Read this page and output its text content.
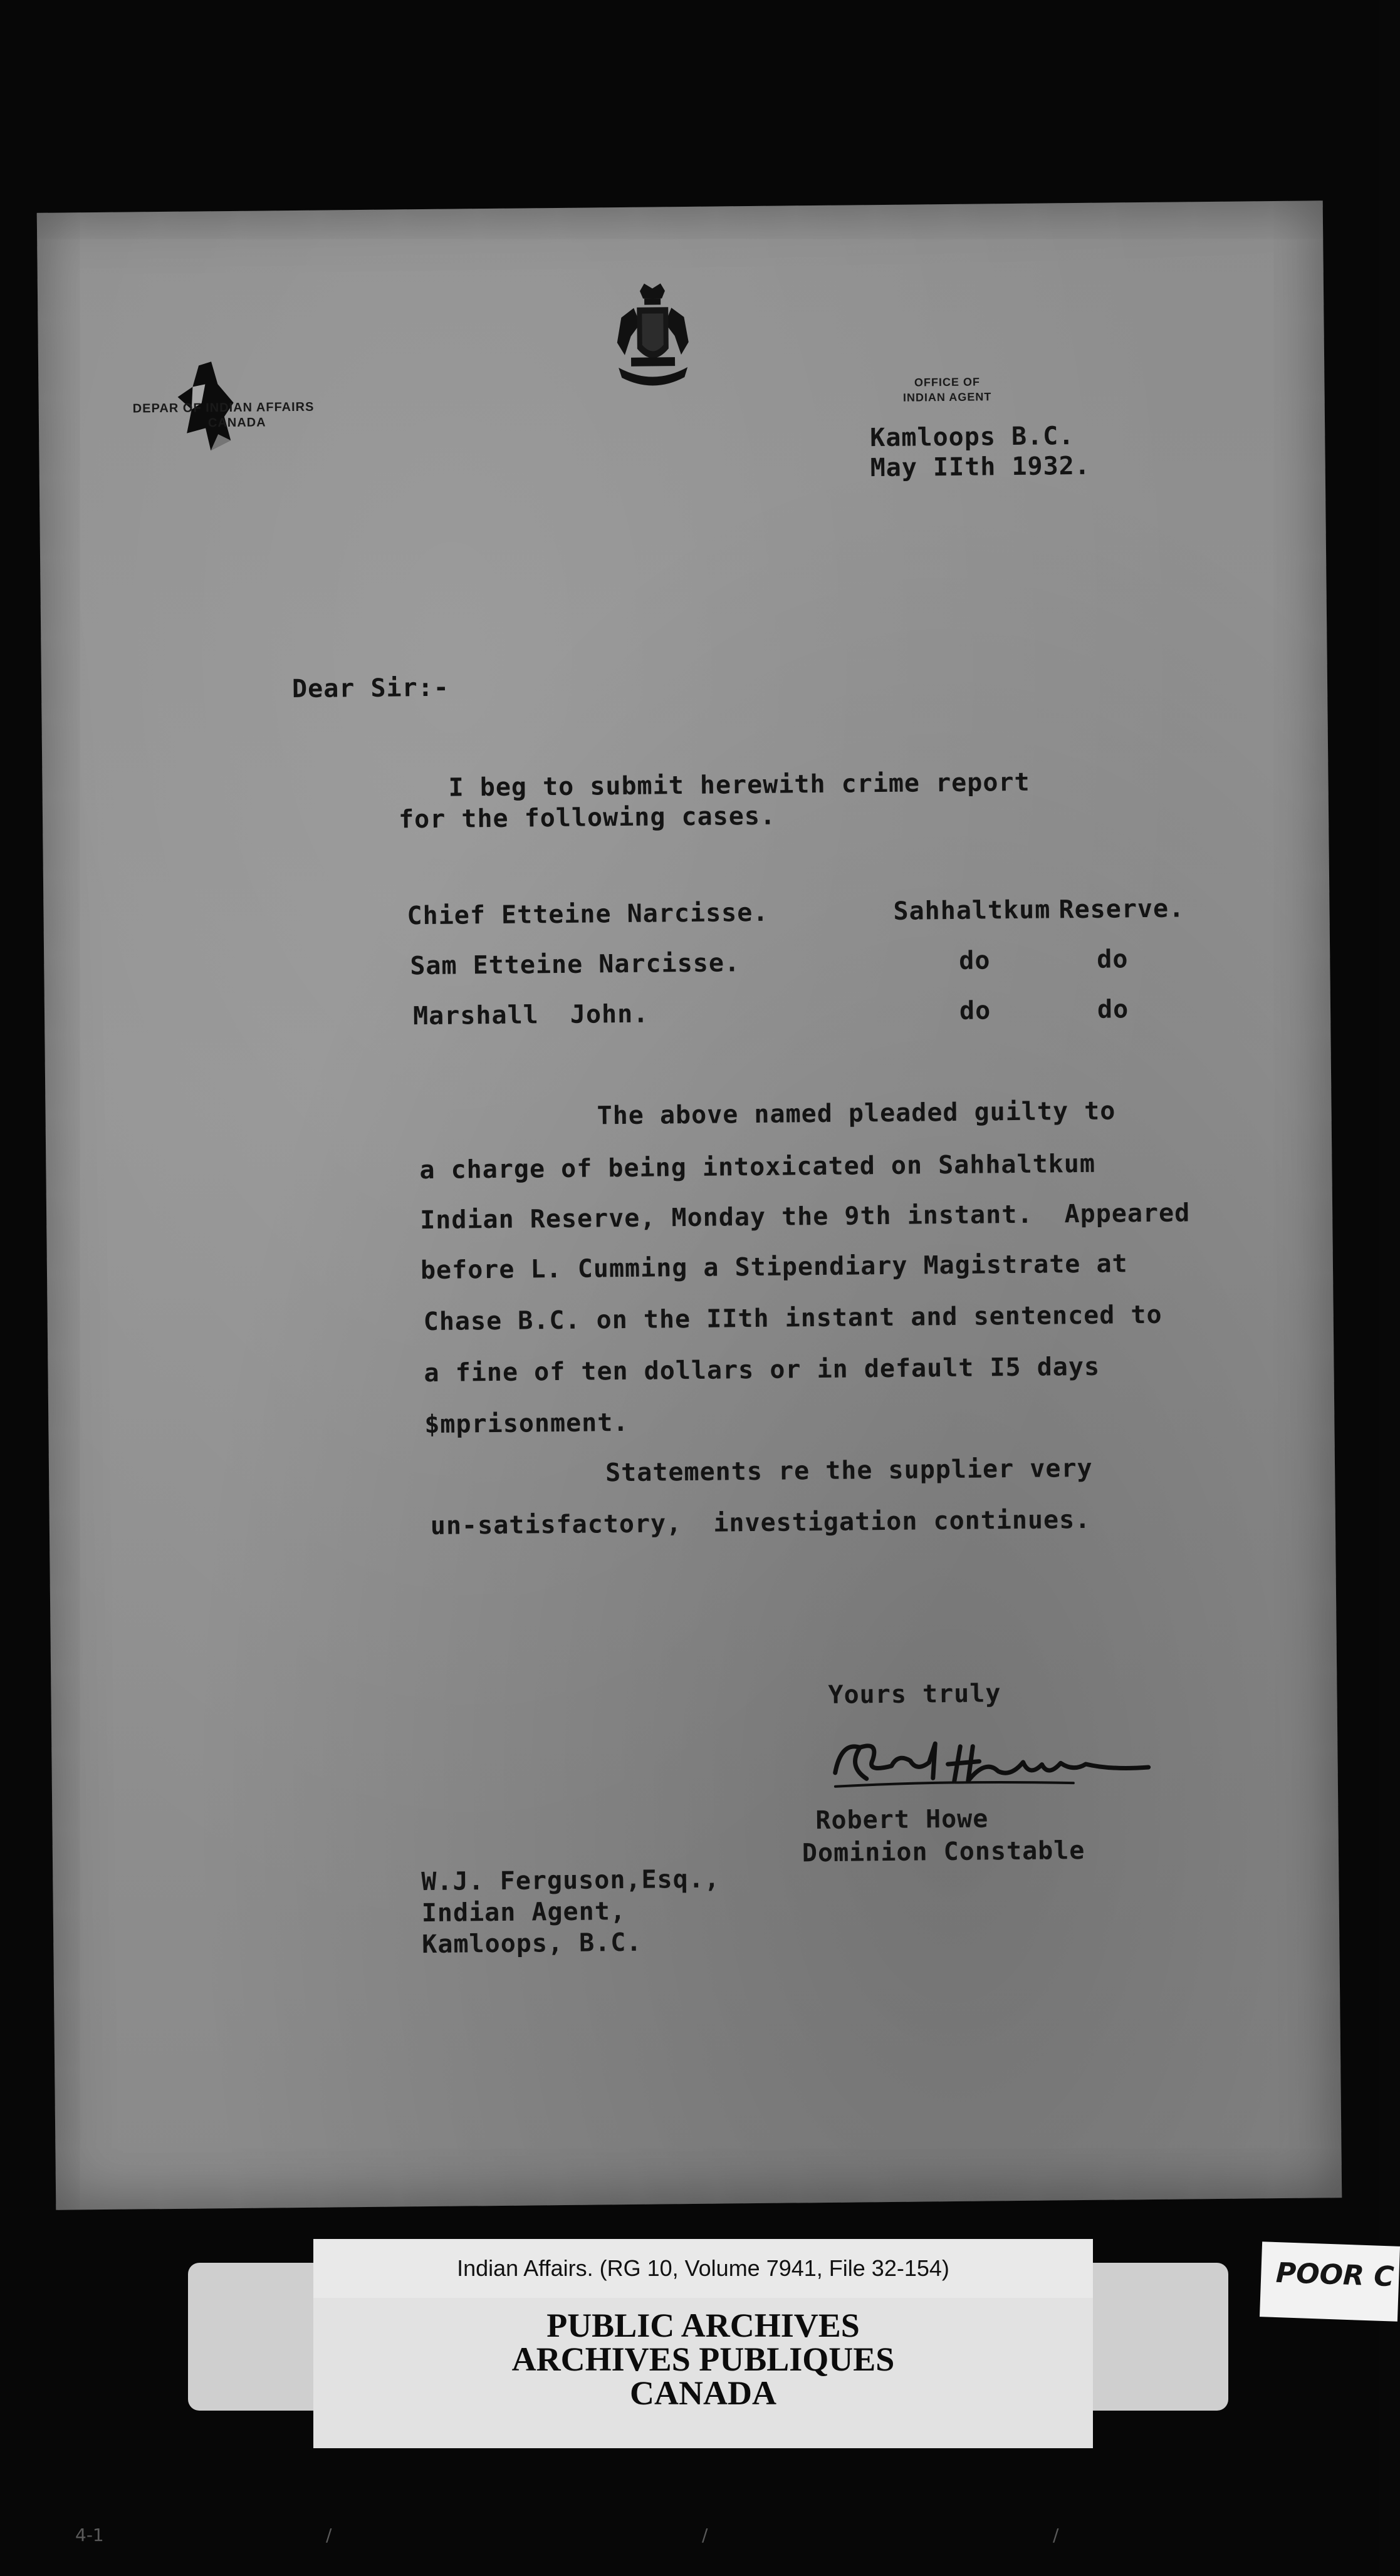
DEPAR OF INDIAN AFFAIRS
CANADA
OFFICE OF
INDIAN AGENT

Kamloops B.C.

May IIth 1932.

Dear Sir:-

I beg to submit herewith crime report

for the following cases.

Chief Etteine Narcisse.	Sahhaltkum Reserve.

Sam Etteine Narcisse.	do	do

Marshall  John.	do	do

The above named pleaded guilty to

a charge of being intoxicated on Sahhaltkum

Indian Reserve, Monday the 9th instant.  Appeared

before L. Cumming a Stipendiary Magistrate at

Chase B.C. on the IIth instant and sentenced to

a fine of ten dollars or in default I5 days

$mprisonment.

Statements re the supplier very

un-satisfactory,  investigation continues.

Yours truly

Robert Howe

Dominion Constable

W.J. Ferguson,Esq.,

Indian Agent,

Kamloops, B.C.

Indian Affairs. (RG 10, Volume 7941, File 32-154)
PUBLIC ARCHIVES
ARCHIVES PUBLIQUES
CANADA
POOR C
4-1	/	/	/
